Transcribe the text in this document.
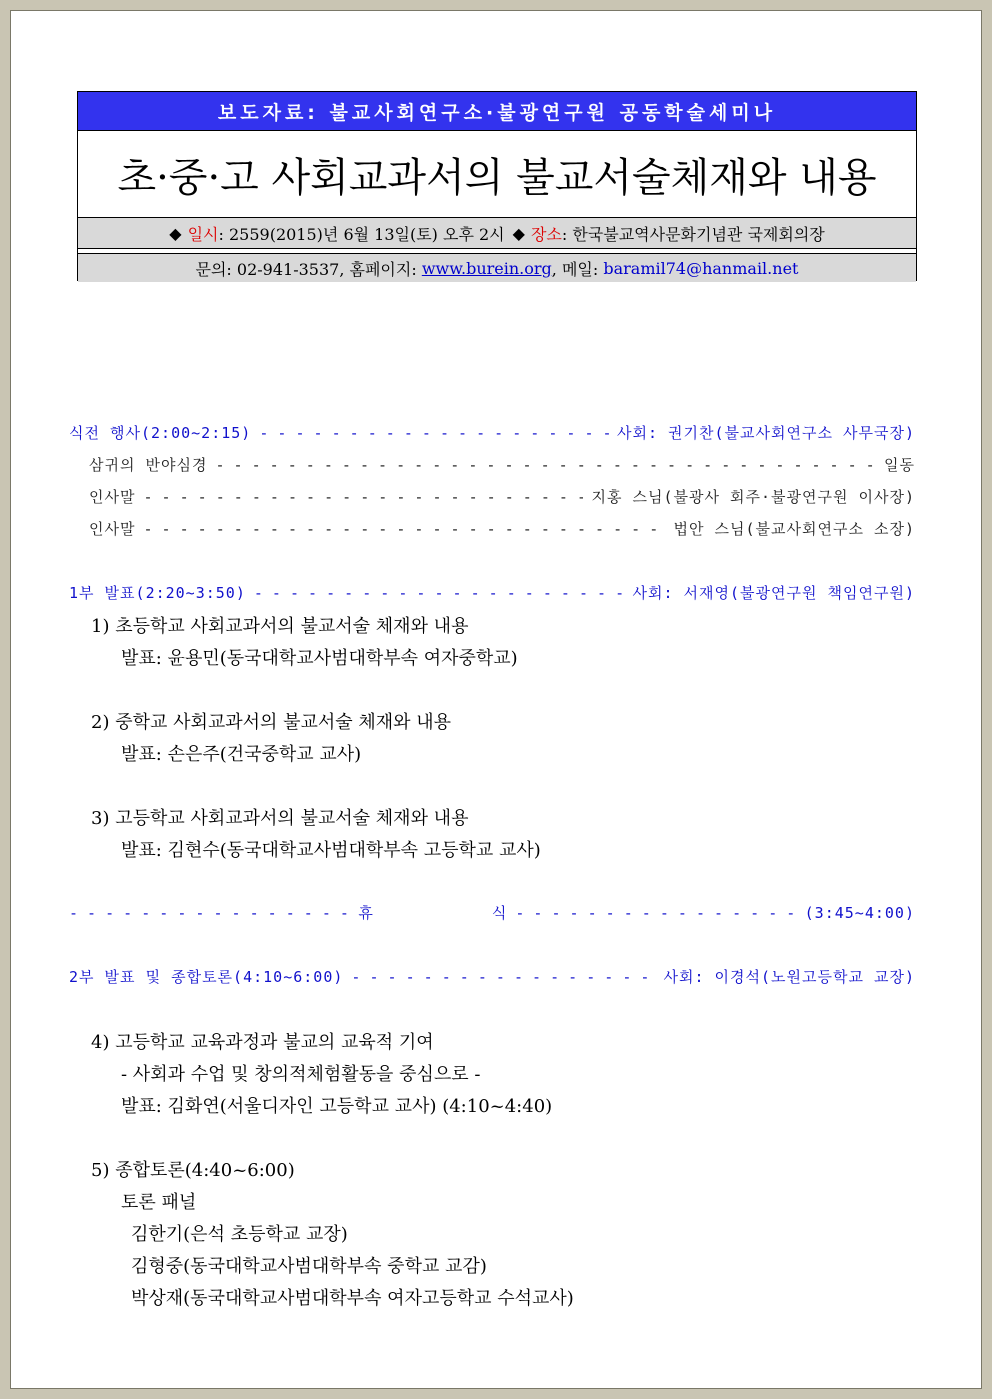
보도자료: 불교사회연구소·불광연구원 공동학술세미나
초·중·고 사회교과서의 불교서술체재와 내용
◆ 일시 : 2559(2015)년 6월 13일(토) 오후 2시 ◆ 장소 : 한국불교역사문화기념관 국제회의장
문의: 02-941-3537, 홈페이지: www.burein.org , 메일: baramil74@hanmail.net
식전 행사(2:00~2:15) - - -	사회: 권기찬(불교사회연구소 사무국장)
삼귀의 반야심경 - - -	일동
인사말 - - -	지홍 스님(불광사 회주·불광연구원 이사장)
인사말 - - -	법안 스님(불교사회연구소 소장)
1부 발표(2:20~3:50) - - -	사회: 서재영(불광연구원 책임연구원)
1) 초등학교 사회교과서의 불교서술 체재와 내용
발표: 윤용민(동국대학교사범대학부속 여자중학교)
2) 중학교 사회교과서의 불교서술 체재와 내용
발표: 손은주(건국중학교 교사)
3) 고등학교 사회교과서의 불교서술 체재와 내용
발표: 김현수(동국대학교사범대학부속 고등학교 교사)
- - -
휴	식 - - -	(3:45~4:00)
2부 발표 및 종합토론(4:10~6:00) - - -	사회: 이경석(노원고등학교 교장)
4) 고등학교 교육과정과 불교의 교육적 기여
- 사회과 수업 및 창의적체험활동을 중심으로 -
발표: 김화연(서울디자인 고등학교 교사) (4:10~4:40)
5) 종합토론(4:40~6:00)
토론 패널
김한기(은석 초등학교 교장)
김형중(동국대학교사범대학부속 중학교 교감)
박상재(동국대학교사범대학부속 여자고등학교 수석교사)
